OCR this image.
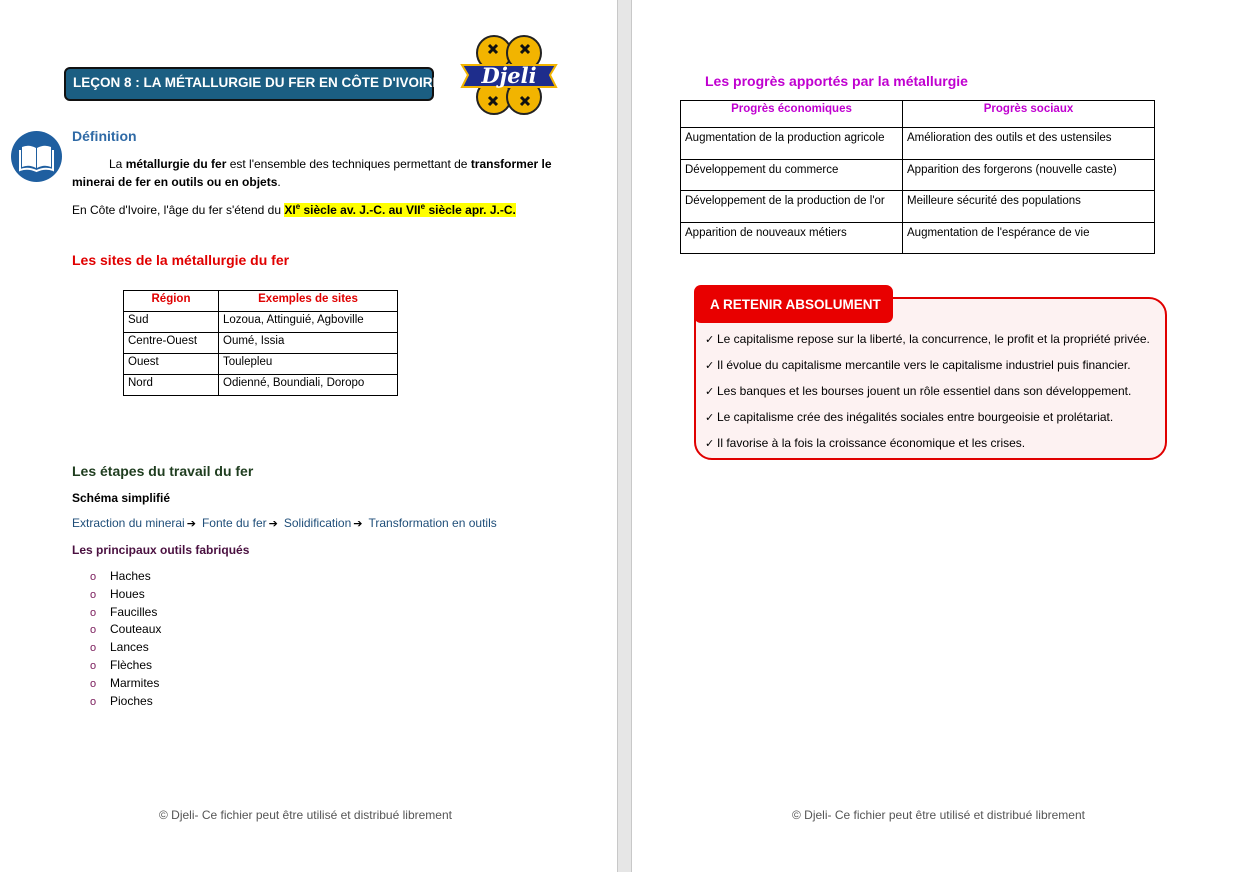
LEÇON 8 : LA MÉTALLURGIE DU FER EN CÔTE D'IVOIRE Djeli
Définition
La métallurgie du fer est l'ensemble des techniques permettant de transformer le minerai de fer en outils ou en objets.
En Côte d'Ivoire, l'âge du fer s'étend du XIe siècle av. J.-C. au VIIe siècle apr. J.-C.
Les sites de la métallurgie du fer
Région	Exemples de sites
Sud	Lozoua, Attinguié, Agboville
Centre-Ouest	Oumé, Issia
Ouest	Toulepleu
Nord	Odienné, Boundiali, Doropo
Les étapes du travail du fer
Schéma simplifié
Extraction du minerai ➔ Fonte du fer ➔ Solidification ➔ Transformation en outils
Les principaux outils fabriqués
o Haches
o Houes
o Faucilles
o Couteaux
o Lances
o Flèches
o Marmites
o Pioches
© Djeli- Ce fichier peut être utilisé et distribué librement
Les progrès apportés par la métallurgie
Progrès économiques	Progrès sociaux
Augmentation de la production agricole	Amélioration des outils et des ustensiles
Développement du commerce	Apparition des forgerons (nouvelle caste)
Développement de la production de l'or	Meilleure sécurité des populations
Apparition de nouveaux métiers	Augmentation de l'espérance de vie
A RETENIR ABSOLUMENT
✓ Le capitalisme repose sur la liberté, la concurrence, le profit et la propriété privée.
✓ Il évolue du capitalisme mercantile vers le capitalisme industriel puis financier.
✓ Les banques et les bourses jouent un rôle essentiel dans son développement.
✓ Le capitalisme crée des inégalités sociales entre bourgeoisie et prolétariat.
✓ Il favorise à la fois la croissance économique et les crises.
© Djeli- Ce fichier peut être utilisé et distribué librement
